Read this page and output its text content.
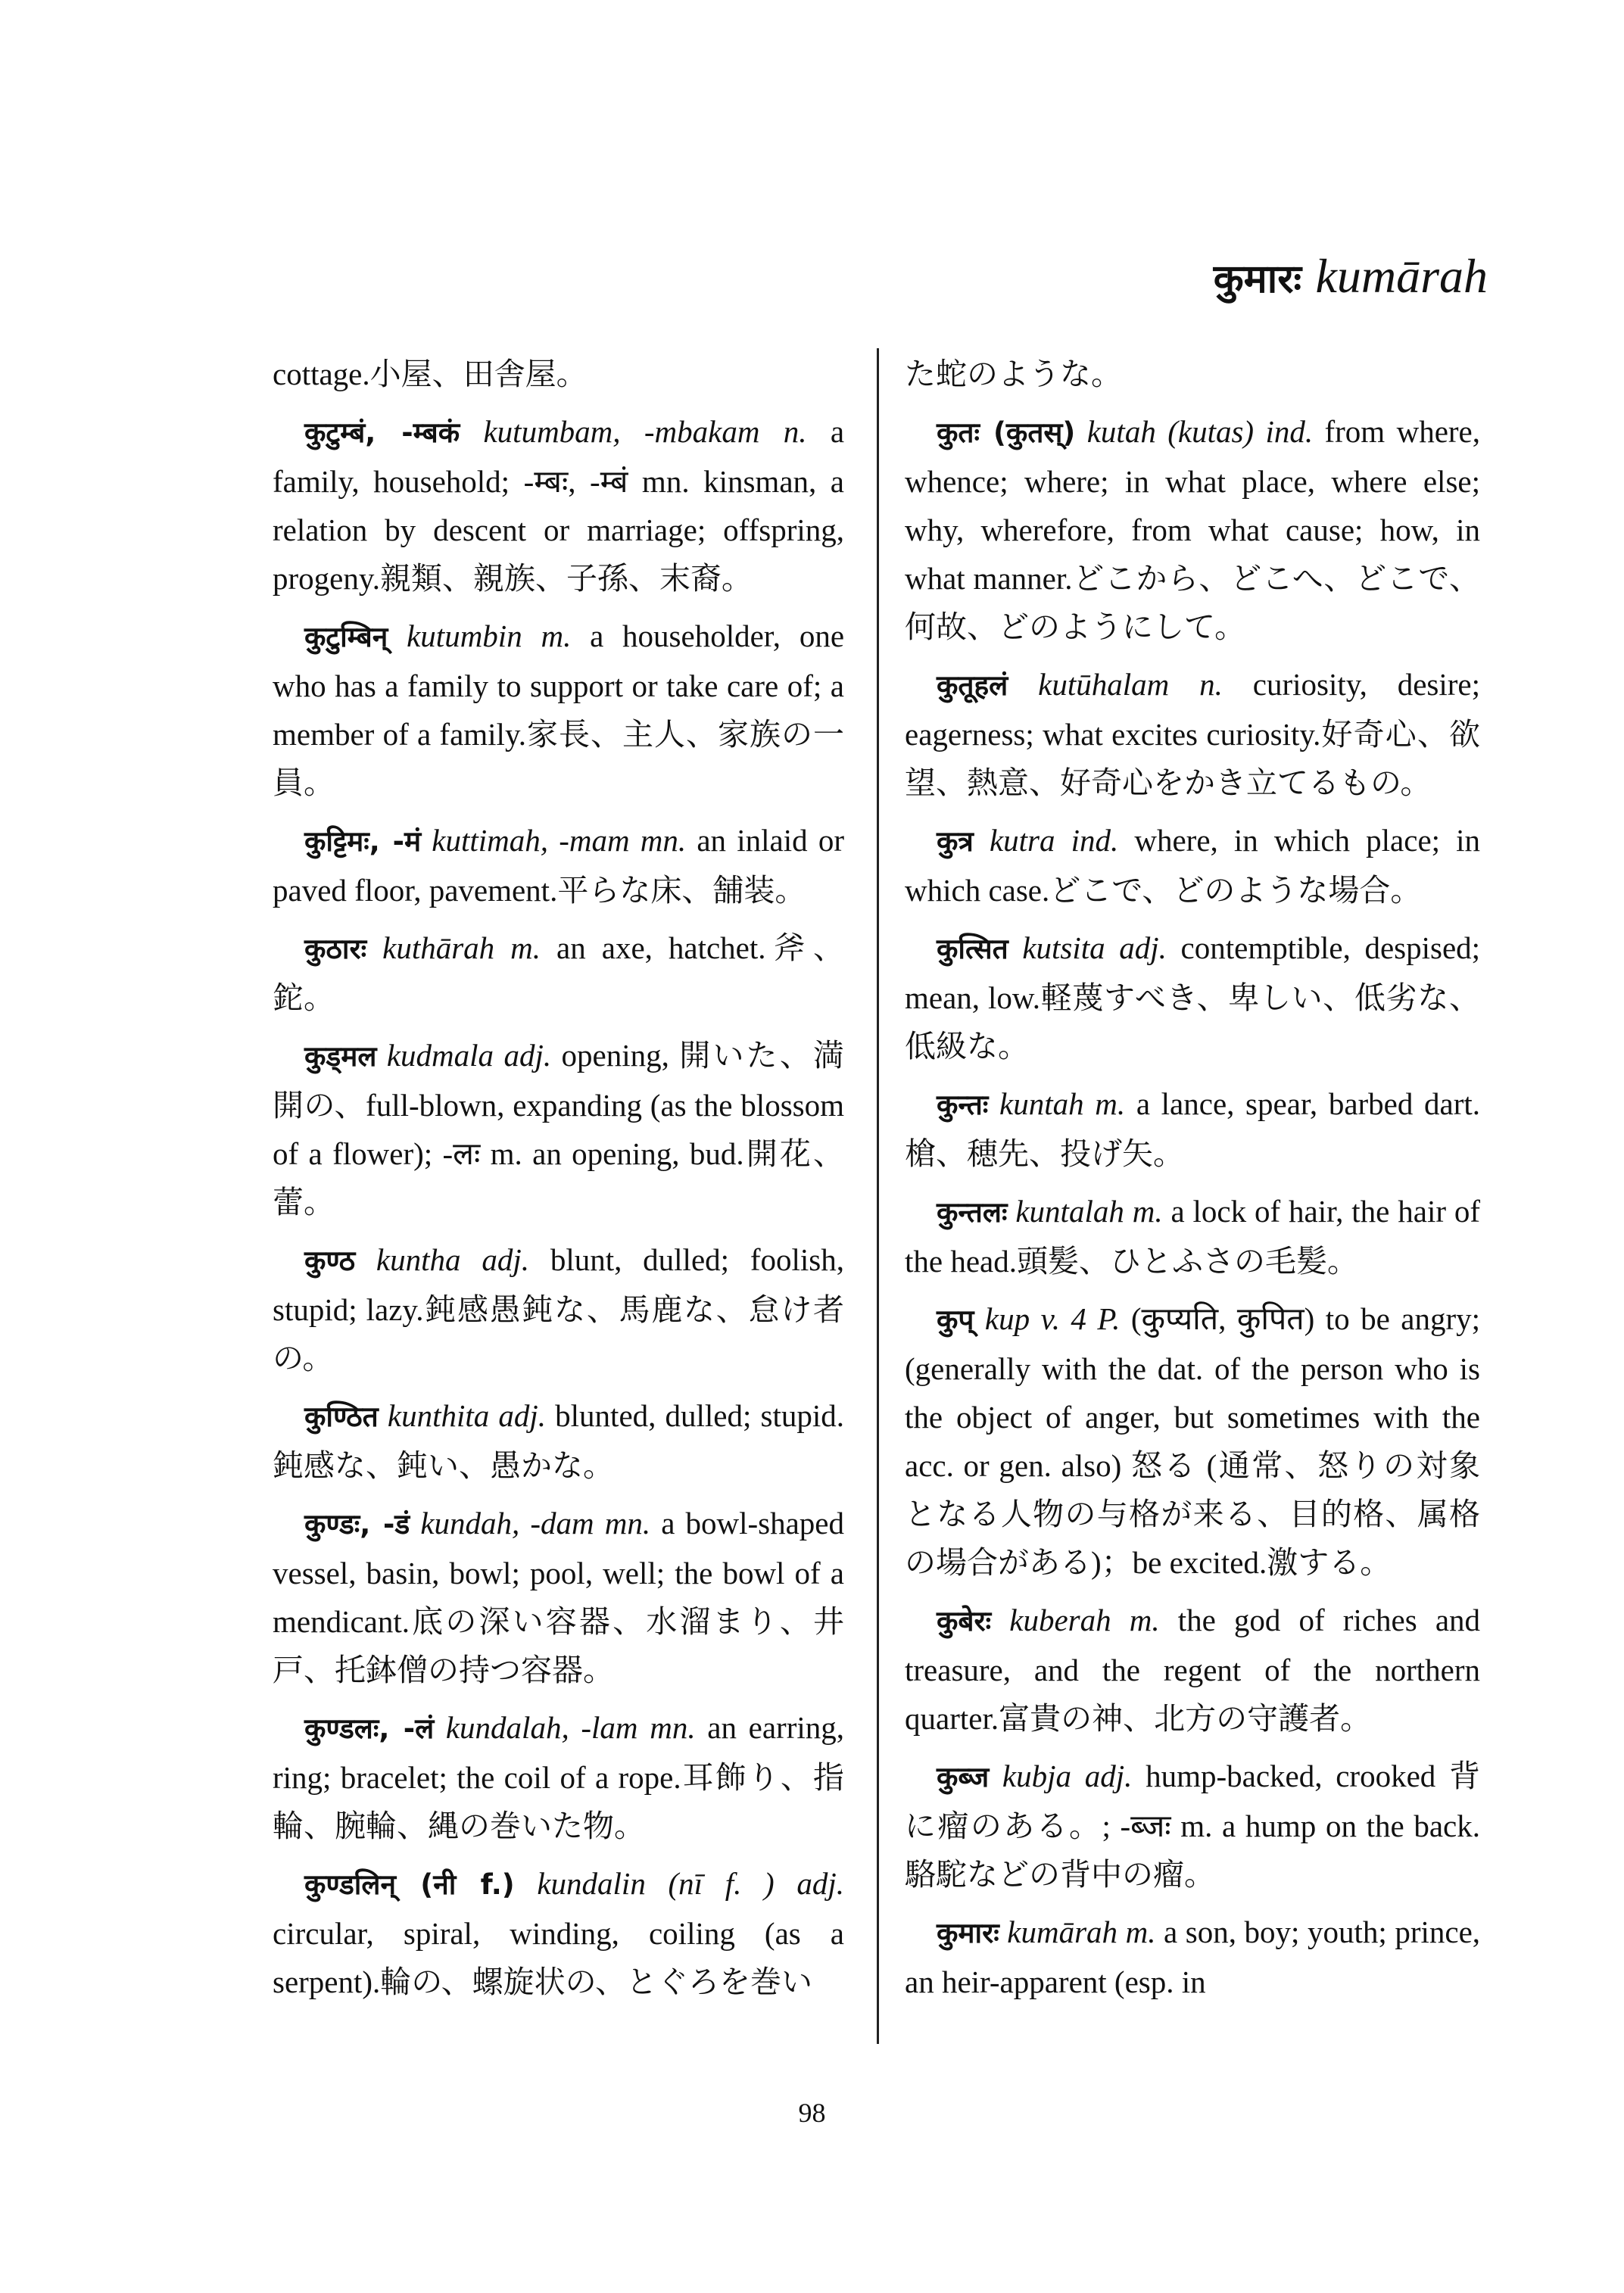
कुमारः kumārah

cottage.小屋、田舎屋。

कुटुम्बं, -म्बकं kutumbam, -mbakam n. a family, household; -म्बः, -म्बं mn. kinsman, a relation by descent or marriage; offspring, progeny.親類、親族、子孫、末裔。

कुटुम्बिन् kutumbin m. a householder, one who has a family to support or take care of; a member of a family.家長、主人、家族の一員。

कुट्टिमः, -मं kuttimah, -mam mn. an inlaid or paved floor, pavement.平らな床、舗装。

कुठारः kuthārah m. an axe, hatchet.斧、鉈。

कुड्मल kudmala adj. opening, 開いた、満開の、full-blown, expanding (as the blossom of a flower); -लः m. an opening, bud.開花、蕾。

कुण्ठ kuntha adj. blunt, dulled; foolish, stupid; lazy.鈍感愚鈍な、馬鹿な、怠け者の。

कुण्ठित kunthita adj. blunted, dulled; stupid.鈍感な、鈍い、愚かな。

कुण्डः, -डं kundah, -dam mn. a bowl-shaped vessel, basin, bowl; pool, well; the bowl of a mendicant.底の深い容器、水溜まり、井戸、托鉢僧の持つ容器。

कुण्डलः, -लं kundalah, -lam mn. an earring, ring; bracelet; the coil of a rope.耳飾り、指輪、腕輪、縄の巻いた物。

कुण्डलिन् (नी f.) kundalin (nī f. ) adj. circular, spiral, winding, coiling (as a serpent).輪の、螺旋状の、とぐろを巻い

た蛇のような。

कुतः (कुतस्) kutah (kutas) ind. from where, whence; where; in what place, where else; why, wherefore, from what cause; how, in what manner.どこから、どこへ、どこで、何故、どのようにして。

कुतूहलं kutūhalam n. curiosity, desire; eagerness; what excites curiosity.好奇心、欲望、熱意、好奇心をかき立てるもの。

कुत्र kutra ind. where, in which place; in which case.どこで、どのような場合。

कुत्सित kutsita adj. contemptible, despised; mean, low.軽蔑すべき、卑しい、低劣な、低級な。

कुन्तः kuntah m. a lance, spear, barbed dart.槍、穂先、投げ矢。

कुन्तलः kuntalah m. a lock of hair, the hair of the head.頭髪、ひとふさの毛髪。

कुप् kup v. 4 P. (कुप्यति, कुपित) to be angry; (generally with the dat. of the person who is the object of anger, but sometimes with the acc. or gen. also) 怒る (通常、怒りの対象となる人物の与格が来る、目的格、属格の場合がある)；be excited.激する。

कुबेरः kuberah m. the god of riches and treasure, and the regent of the northern quarter.富貴の神、北方の守護者。

कुब्ज kubja adj. hump-backed, crooked 背に瘤のある。; -ब्जः m. a hump on the back.駱駝などの背中の瘤。

कुमारः kumārah m. a son, boy; youth; prince, an heir-apparent (esp. in

98
